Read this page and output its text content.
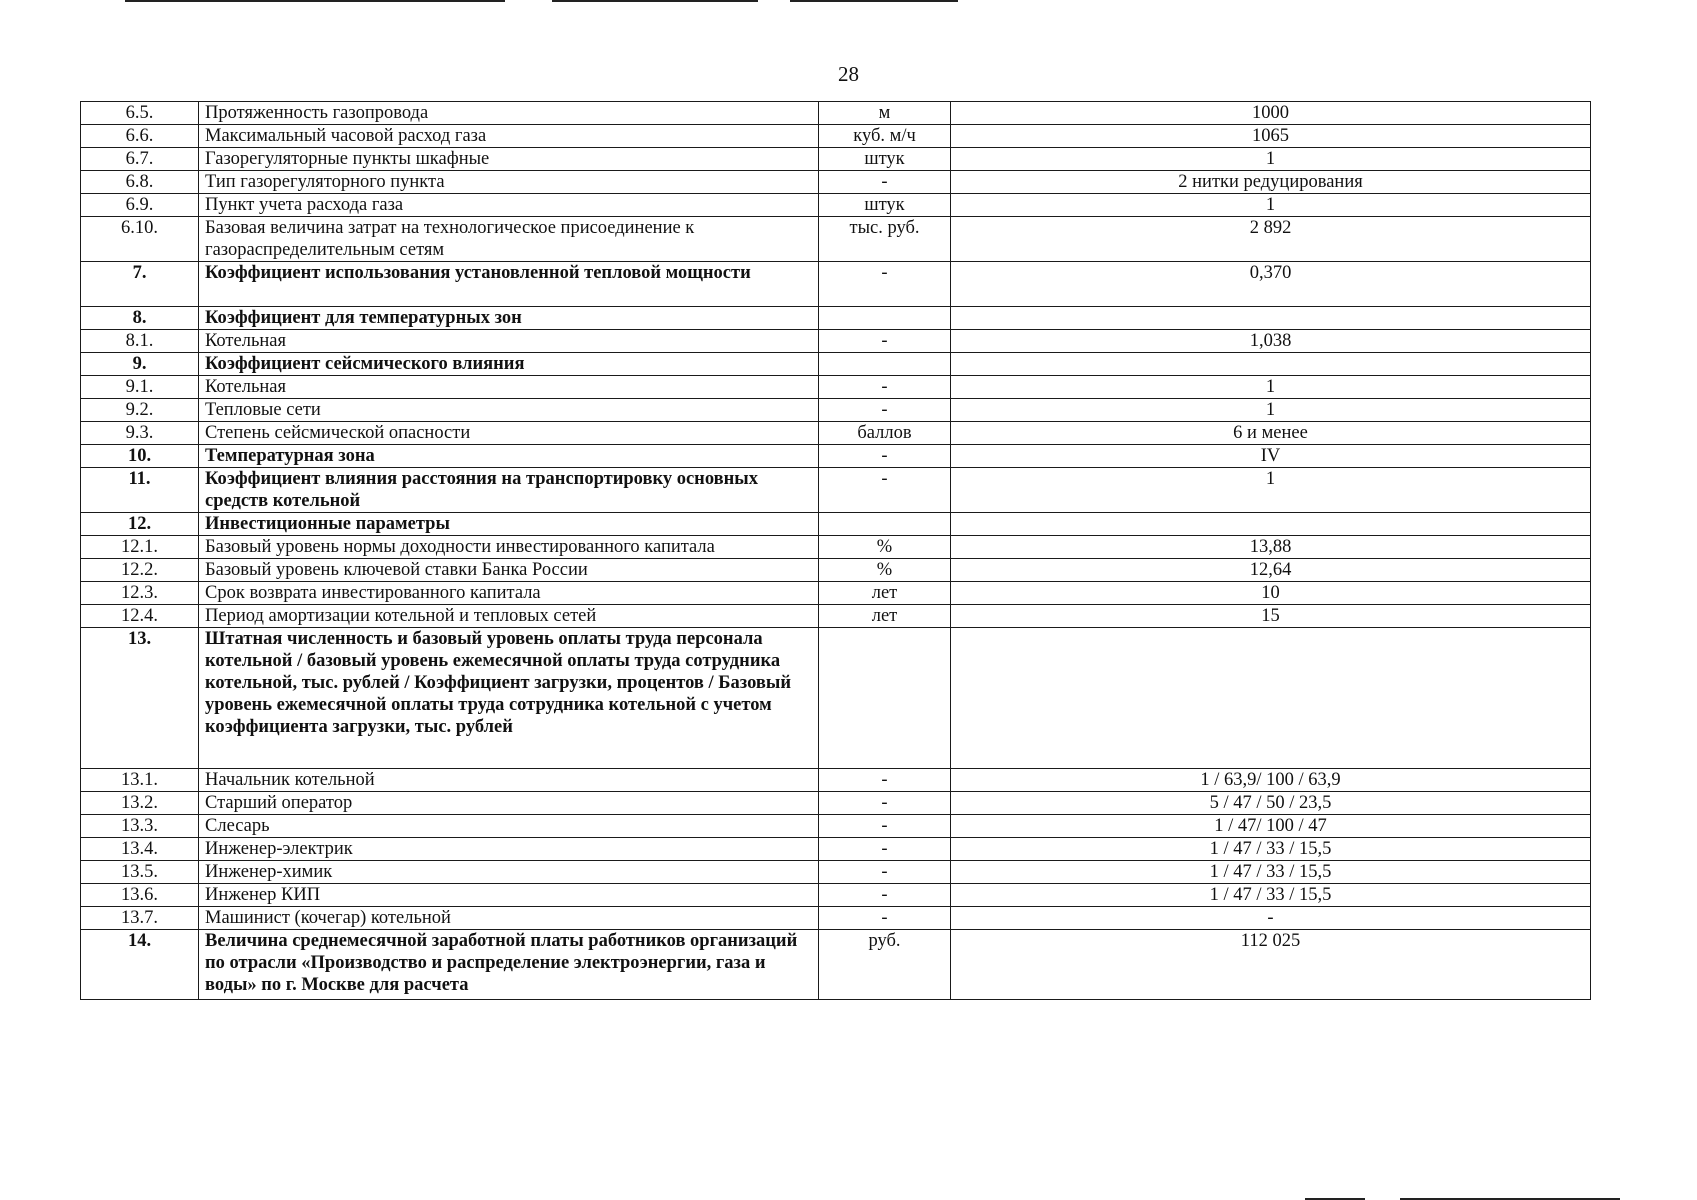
28
6.5.	Протяженность газопровода	м	1000
6.6.	Максимальный часовой расход газа	куб. м/ч	1065
6.7.	Газорегуляторные пункты шкафные	штук	1
6.8.	Тип газорегуляторного пункта	-	2 нитки редуцирования
6.9.	Пункт учета расхода газа	штук	1
6.10.	Базовая величина затрат на технологическое присоединение к газораспределительным сетям	тыс. руб.	2 892
7.	Коэффициент использования установленной тепловой мощности	-	0,370
8.	Коэффициент для температурных зон		
8.1.	Котельная	-	1,038
9.	Коэффициент сейсмического влияния		
9.1.	Котельная	-	1
9.2.	Тепловые сети	-	1
9.3.	Степень сейсмической опасности	баллов	6 и менее
10.	Температурная зона	-	IV
11.	Коэффициент влияния расстояния на транспортировку основных средств котельной	-	1
12.	Инвестиционные параметры		
12.1.	Базовый уровень нормы доходности инвестированного капитала	%	13,88
12.2.	Базовый уровень ключевой ставки Банка России	%	12,64
12.3.	Срок возврата инвестированного капитала	лет	10
12.4.	Период амортизации котельной и тепловых сетей	лет	15
13.	Штатная численность и базовый уровень оплаты труда персонала котельной / базовый уровень ежемесячной оплаты труда сотрудника котельной, тыс. рублей / Коэффициент загрузки, процентов / Базовый уровень ежемесячной оплаты труда сотрудника котельной с учетом коэффициента загрузки, тыс. рублей		
13.1.	Начальник котельной	-	1 / 63,9/ 100 / 63,9
13.2.	Старший оператор	-	5 / 47 / 50 / 23,5
13.3.	Слесарь	-	1 / 47/ 100 / 47
13.4.	Инженер-электрик	-	1 / 47 / 33 / 15,5
13.5.	Инженер-химик	-	1 / 47 / 33 / 15,5
13.6.	Инженер КИП	-	1 / 47 / 33 / 15,5
13.7.	Машинист (кочегар) котельной	-	-
14.	Величина среднемесячной заработной платы работников организаций по отрасли «Производство и распределение электроэнергии, газа и воды» по г. Москве для расчета	руб.	112 025
